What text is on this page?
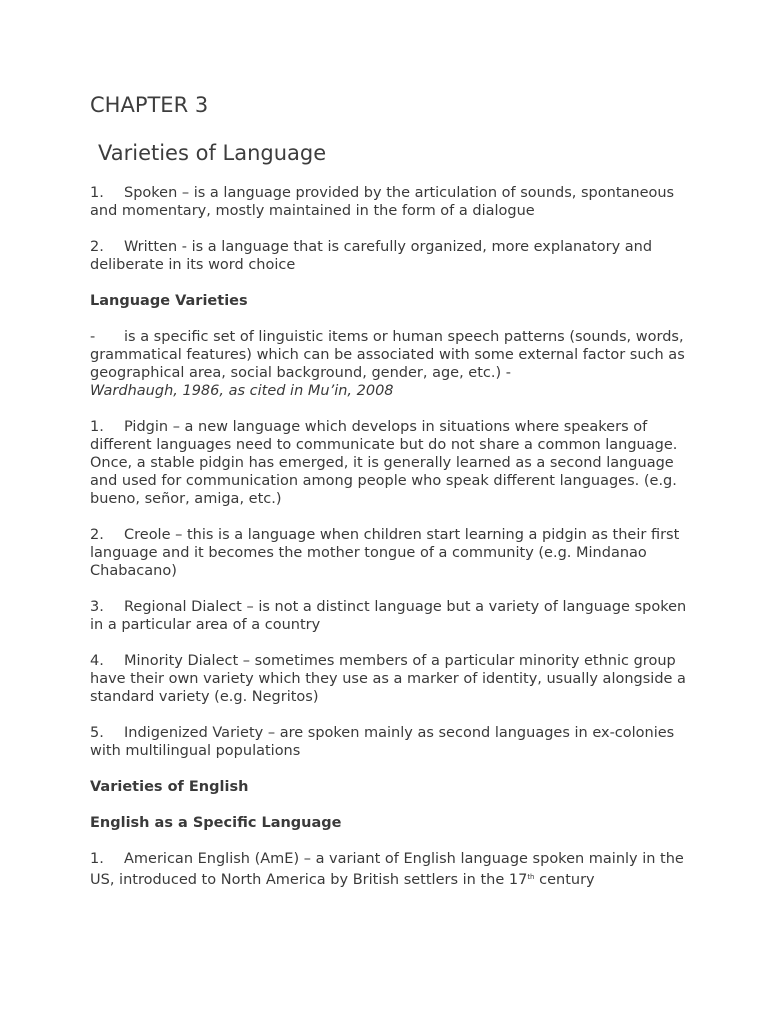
CHAPTER 3
Varieties of Language

1. Spoken – is a language provided by the articulation of sounds, spontaneous and momentary, mostly maintained in the form of a dialogue

2. Written - is a language that is carefully organized, more explanatory and deliberate in its word choice

Language Varieties

- is a specific set of linguistic items or human speech patterns (sounds, words, grammatical features) which can be associated with some external factor such as geographical area, social background, gender, age, etc.) -
Wardhaugh, 1986, as cited in Mu’in, 2008

1. Pidgin – a new language which develops in situations where speakers of different languages need to communicate but do not share a common language. Once, a stable pidgin has emerged, it is generally learned as a second language and used for communication among people who speak different languages. (e.g. bueno, señor, amiga, etc.)

2. Creole – this is a language when children start learning a pidgin as their first language and it becomes the mother tongue of a community (e.g. Mindanao Chabacano)

3. Regional Dialect – is not a distinct language but a variety of language spoken in a particular area of a country

4. Minority Dialect – sometimes members of a particular minority ethnic group have their own variety which they use as a marker of identity, usually alongside a standard variety (e.g. Negritos)

5. Indigenized Variety – are spoken mainly as second languages in ex-colonies with multilingual populations

Varieties of English

English as a Specific Language

1. American English (AmE) – a variant of English language spoken mainly in the US, introduced to North America by British settlers in the 17th century
